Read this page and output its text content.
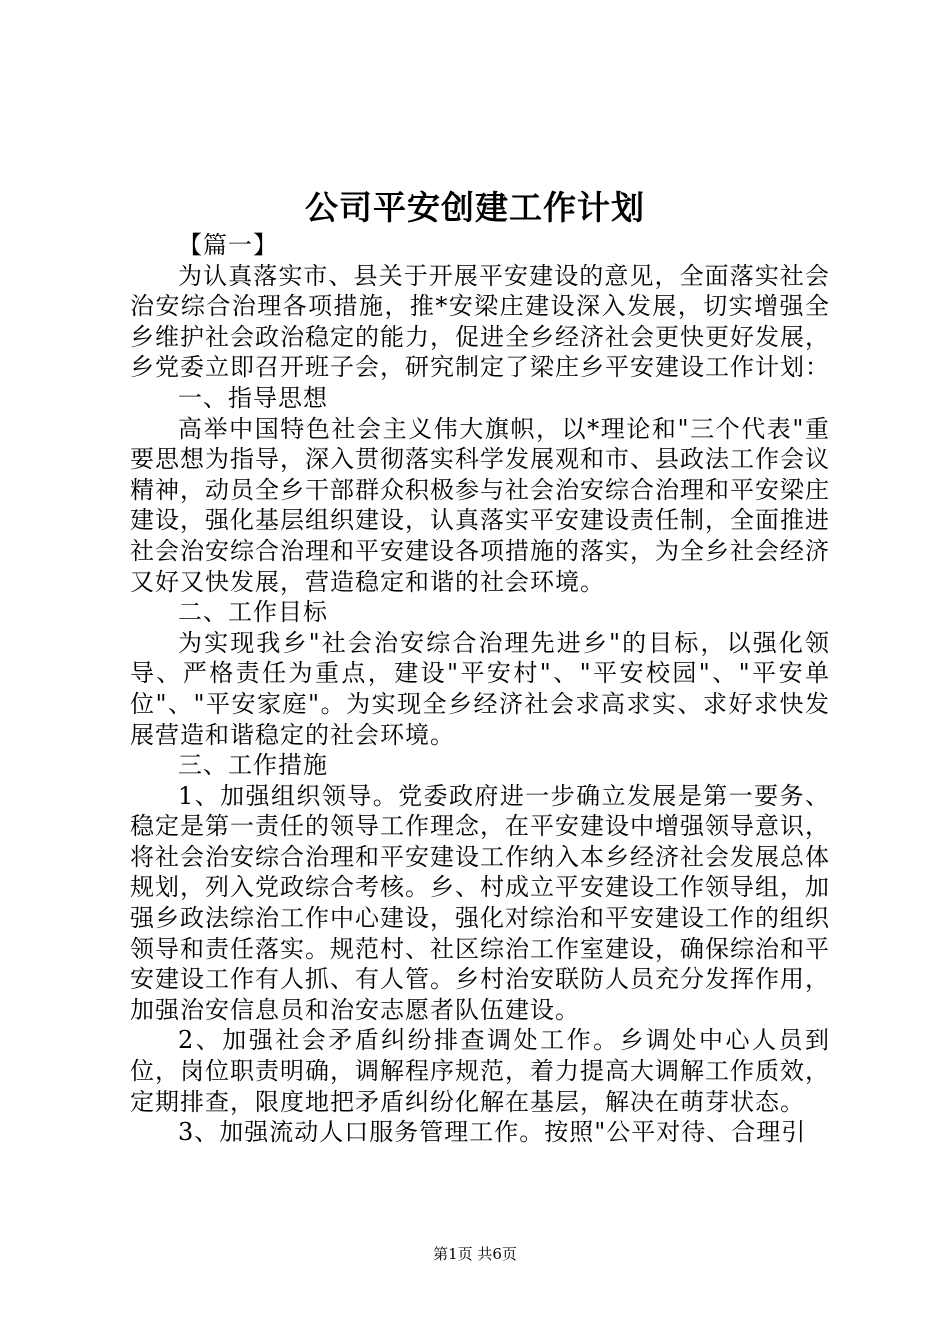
公司平安创建工作计划

【篇一】

为认真落实市、县关于开展平安建设的意见，全面落实社会治安综合治理各项措施，推*安梁庄建设深入发展，切实增强全乡维护社会政治稳定的能力，促进全乡经济社会更快更好发展，乡党委立即召开班子会，研究制定了梁庄乡平安建设工作计划：

一、指导思想

高举中国特色社会主义伟大旗帜，以*理论和"三个代表"重要思想为指导，深入贯彻落实科学发展观和市、县政法工作会议精神，动员全乡干部群众积极参与社会治安综合治理和平安梁庄建设，强化基层组织建设，认真落实平安建设责任制，全面推进社会治安综合治理和平安建设各项措施的落实，为全乡社会经济又好又快发展，营造稳定和谐的社会环境。

二、工作目标

为实现我乡"社会治安综合治理先进乡"的目标，以强化领导、严格责任为重点，建设"平安村"、"平安校园"、"平安单位"、"平安家庭"。为实现全乡经济社会求高求实、求好求快发展营造和谐稳定的社会环境。

三、工作措施

1、加强组织领导。党委政府进一步确立发展是第一要务、稳定是第一责任的领导工作理念，在平安建设中增强领导意识，将社会治安综合治理和平安建设工作纳入本乡经济社会发展总体规划，列入党政综合考核。乡、村成立平安建设工作领导组，加强乡政法综治工作中心建设，强化对综治和平安建设工作的组织领导和责任落实。规范村、社区综治工作室建设，确保综治和平安建设工作有人抓、有人管。乡村治安联防人员充分发挥作用，加强治安信息员和治安志愿者队伍建设。

2、加强社会矛盾纠纷排查调处工作。乡调处中心人员到位，岗位职责明确，调解程序规范，着力提高大调解工作质效，定期排查，限度地把矛盾纠纷化解在基层，解决在萌芽状态。

3、加强流动人口服务管理工作。按照"公平对待、合理引

第1页 共6页
